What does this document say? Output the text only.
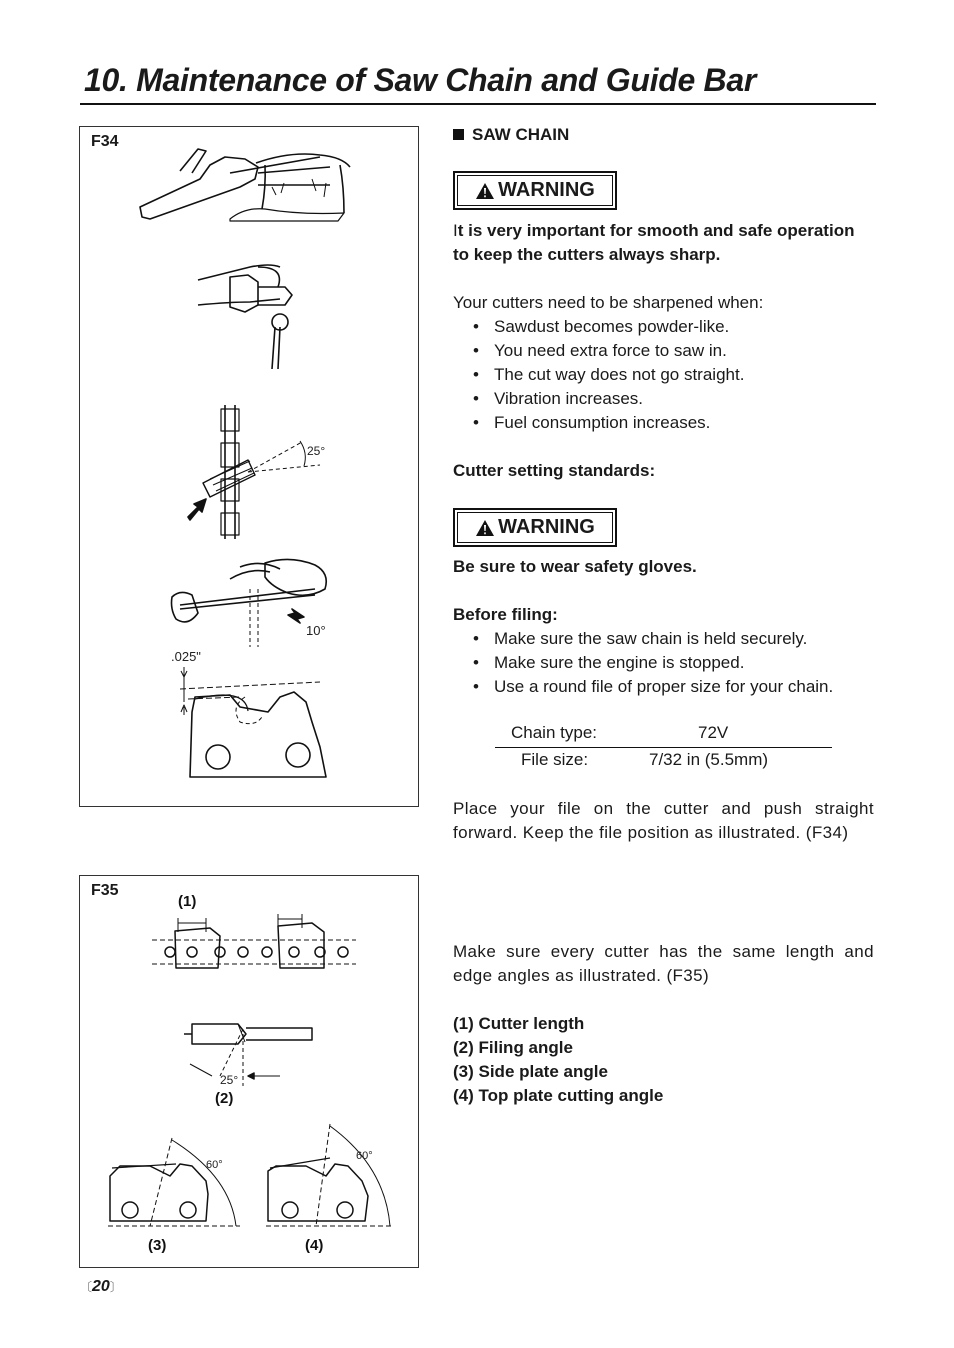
10. Maintenance of Saw Chain and Guide Bar
F34
25°
10°
.025"
F35
(1)
25°
(2)
60°
60°
(3)	(4)
SAW CHAIN
WARNING
It is very important for smooth and safe operation to keep the cutters always sharp.
Your cutters need to be sharpened when:
• Sawdust becomes powder-like.
• You need extra force to saw in.
• The cut way does not go straight.
• Vibration increases.
• Fuel consumption increases.
Cutter setting standards:
WARNING
Be sure to wear safety gloves.
Before filing:
• Make sure the saw chain is held securely.
• Make sure the engine is stopped.
• Use a round file of proper size for your chain.
Chain type:	72V
File size:	7/32 in (5.5mm)
Place your file on the cutter and push straight forward. Keep the file position as illustrated. (F34)
Make sure every cutter has the same length and edge angles as illustrated. (F35)
(1) Cutter length
(2) Filing angle
(3) Side plate angle
(4) Top plate cutting angle
〔20〕
